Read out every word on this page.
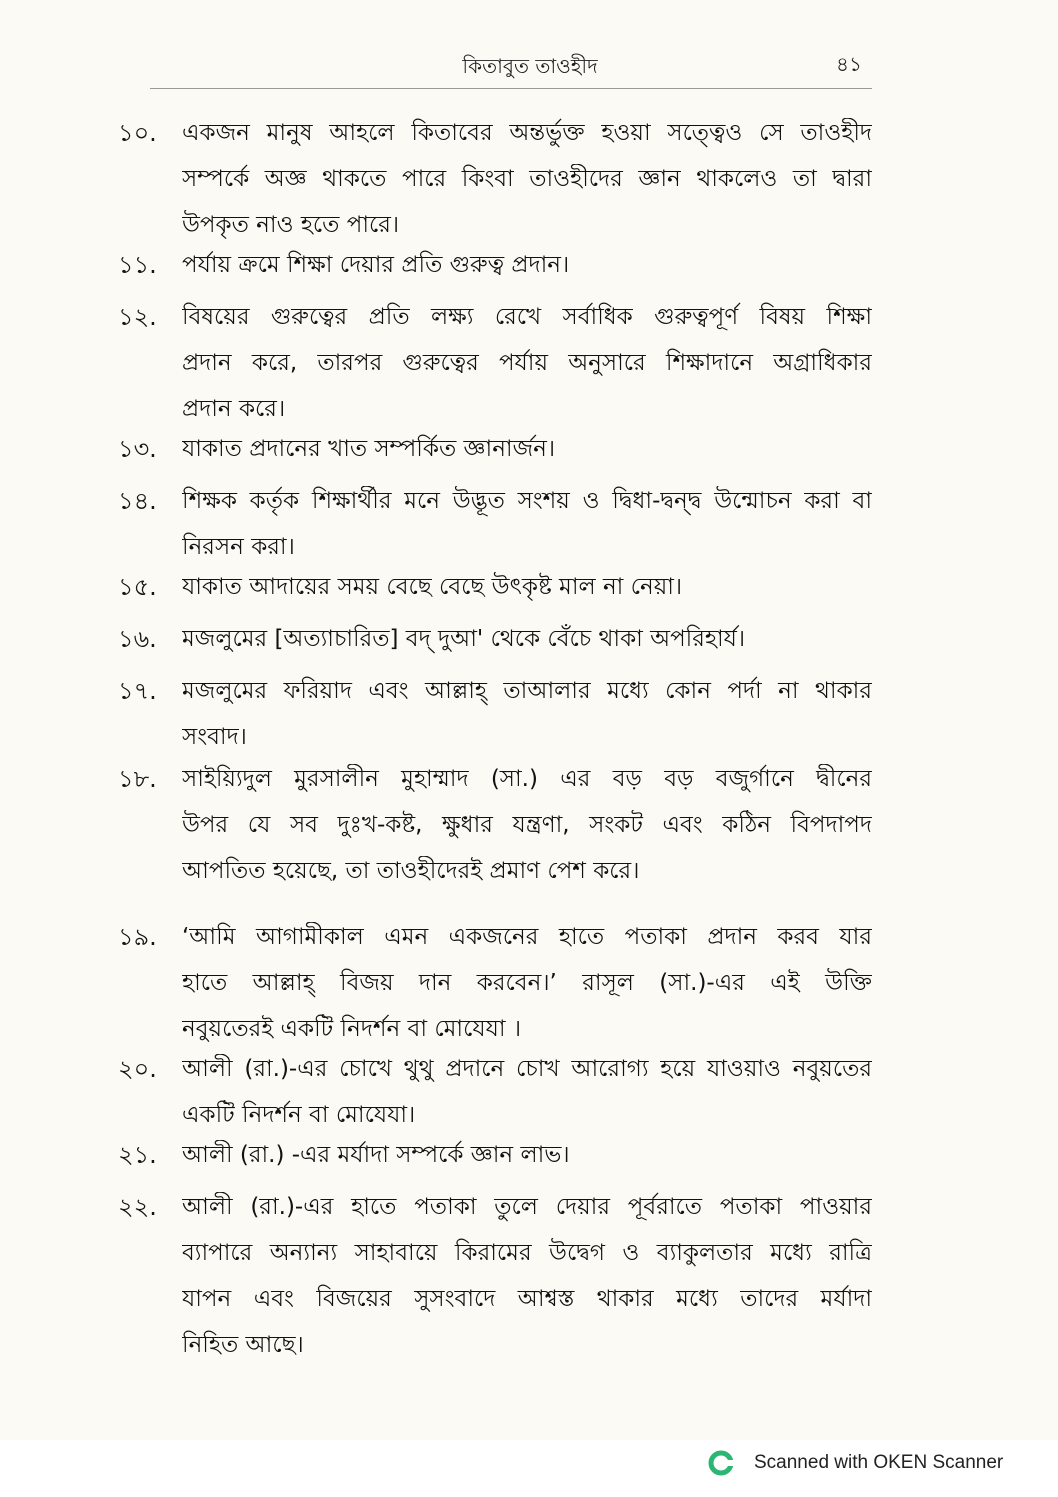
কিতাবুত তাওহীদ	৪১
১০. একজন মানুষ আহলে কিতাবের অন্তর্ভুক্ত হওয়া সত্ত্বেও সে তাওহীদ
সম্পর্কে অজ্ঞ থাকতে পারে কিংবা তাওহীদের জ্ঞান থাকলেও তা দ্বারা
উপকৃত নাও হতে পারে।

১১. পর্যায় ক্রমে শিক্ষা দেয়ার প্রতি গুরুত্ব প্রদান।

১২. বিষয়ের গুরুত্বের প্রতি লক্ষ্য রেখে সর্বাধিক গুরুত্বপূর্ণ বিষয় শিক্ষা
প্রদান করে, তারপর গুরুত্বের পর্যায় অনুসারে শিক্ষাদানে অগ্রাধিকার
প্রদান করে।

১৩. যাকাত প্রদানের খাত সম্পর্কিত জ্ঞানার্জন।

১৪. শিক্ষক কর্তৃক শিক্ষার্থীর মনে উদ্ভূত সংশয় ও দ্বিধা-দ্বন্দ্ব উন্মোচন করা বা
নিরসন করা।

১৫. যাকাত আদায়ের সময় বেছে বেছে উৎকৃষ্ট মাল না নেয়া।

১৬. মজলুমের [অত্যাচারিত] বদ্ দুআ' থেকে বেঁচে থাকা অপরিহার্য।

১৭. মজলুমের ফরিয়াদ এবং আল্লাহ্ তাআলার মধ্যে কোন পর্দা না থাকার
সংবাদ।

১৮. সাইয়্যিদুল মুরসালীন মুহাম্মাদ (সা.) এর বড় বড় বজুর্গানে দ্বীনের
উপর যে সব দুঃখ-কষ্ট, ক্ষুধার যন্ত্রণা, সংকট এবং কঠিন বিপদাপদ
আপতিত হয়েছে, তা তাওহীদেরই প্রমাণ পেশ করে।

১৯. ‘আমি আগামীকাল এমন একজনের হাতে পতাকা প্রদান করব যার
হাতে আল্লাহ্ বিজয় দান করবেন।’ রাসূল (সা.)-এর এই উক্তি
নবুয়তেরই একটি নিদর্শন বা মোযেযা ।

২০. আলী (রা.)-এর চোখে থুথু প্রদানে চোখ আরোগ্য হয়ে যাওয়াও নবুয়তের
একটি নিদর্শন বা মোযেযা।

২১. আলী (রা.) -এর মর্যাদা সম্পর্কে জ্ঞান লাভ।

২২. আলী (রা.)-এর হাতে পতাকা তুলে দেয়ার পূর্বরাতে পতাকা পাওয়ার
ব্যাপারে অন্যান্য সাহাবায়ে কিরামের উদ্বেগ ও ব্যাকুলতার মধ্যে রাত্রি
যাপন এবং বিজয়ের সুসংবাদে আশ্বস্ত থাকার মধ্যে তাদের মর্যাদা
নিহিত আছে।

Scanned with OKEN Scanner
